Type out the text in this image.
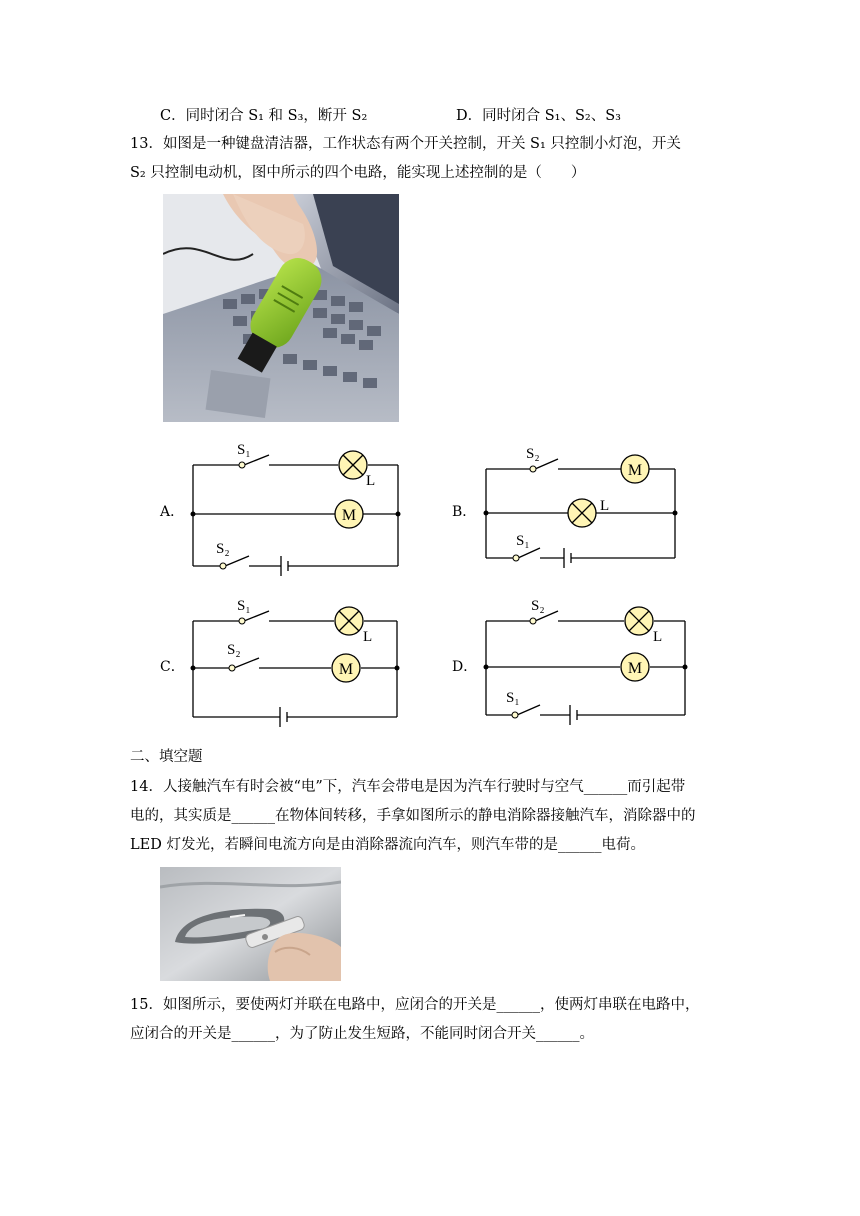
C．同时闭合 S₁ 和 S₃，断开 S₂	D．同时闭合 S₁、S₂、S₃
13．如图是一种键盘清洁器，工作状态有两个开关控制，开关 S₁ 只控制小灯泡，开关
S₂ 只控制电动机，图中所示的四个电路，能实现上述控制的是（　　）
A．	M
S₁
L
S₂
B．
M
S₂
L
S₁
C．	M
S₁
L
S₂
D．	M
S₂
L
S₁
二、填空题
14．人接触汽车有时会被“电”下，汽车会带电是因为汽车行驶时与空气______而引起带
电的，其实质是______在物体间转移，手拿如图所示的静电消除器接触汽车，消除器中的
LED 灯发光，若瞬间电流方向是由消除器流向汽车，则汽车带的是______电荷。
15．如图所示，要使两灯并联在电路中，应闭合的开关是______，使两灯串联在电路中，
应闭合的开关是______，为了防止发生短路，不能同时闭合开关______。
